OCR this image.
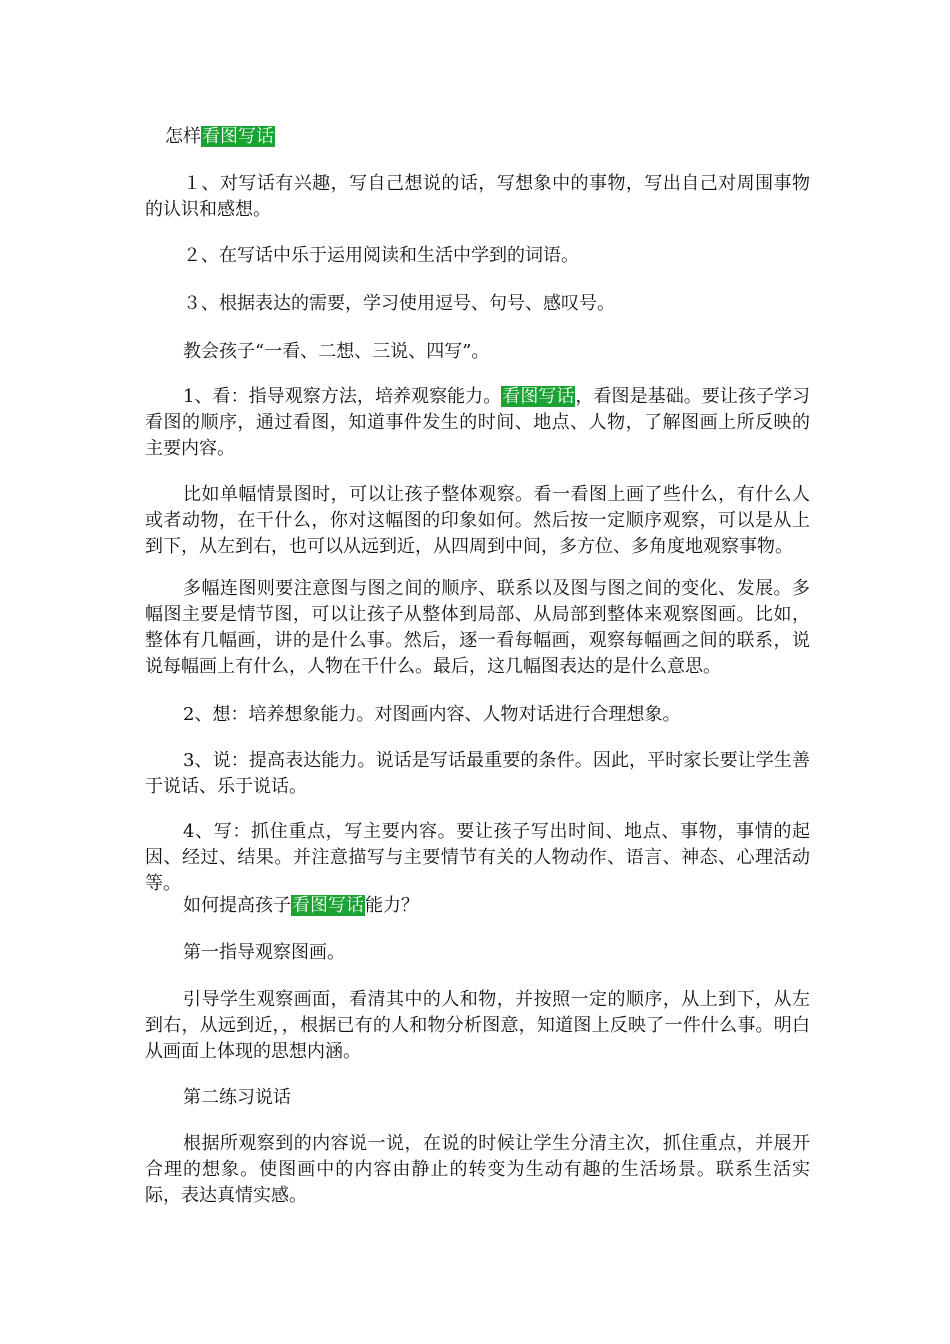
怎样看图写话

１、对写话有兴趣，写自己想说的话，写想象中的事物，写出自己对周围事物的认识和感想。

２、在写话中乐于运用阅读和生活中学到的词语。

３、根据表达的需要，学习使用逗号、句号、感叹号。

教会孩子“一看、二想、三说、四写”。

1、看：指导观察方法，培养观察能力。看图写话，看图是基础。要让孩子学习看图的顺序，通过看图，知道事件发生的时间、地点、人物，了解图画上所反映的主要内容。

比如单幅情景图时，可以让孩子整体观察。看一看图上画了些什么，有什么人或者动物，在干什么，你对这幅图的印象如何。然后按一定顺序观察，可以是从上到下，从左到右，也可以从远到近，从四周到中间，多方位、多角度地观察事物。

多幅连图则要注意图与图之间的顺序、联系以及图与图之间的变化、发展。多幅图主要是情节图，可以让孩子从整体到局部、从局部到整体来观察图画。比如，整体有几幅画，讲的是什么事。然后，逐一看每幅画，观察每幅画之间的联系，说说每幅画上有什么，人物在干什么。最后，这几幅图表达的是什么意思。

2、想：培养想象能力。对图画内容、人物对话进行合理想象。

3、说：提高表达能力。说话是写话最重要的条件。因此，平时家长要让学生善于说话、乐于说话。

4、写：抓住重点，写主要内容。要让孩子写出时间、地点、事物，事情的起因、经过、结果。并注意描写与主要情节有关的人物动作、语言、神态、心理活动等。

如何提高孩子看图写话能力？

第一指导观察图画。

引导学生观察画面，看清其中的人和物，并按照一定的顺序，从上到下，从左到右，从远到近，，根据已有的人和物分析图意，知道图上反映了一件什么事。明白从画面上体现的思想内涵。

第二练习说话

根据所观察到的内容说一说，在说的时候让学生分清主次，抓住重点，并展开合理的想象。使图画中的内容由静止的转变为生动有趣的生活场景。联系生活实际，表达真情实感。
